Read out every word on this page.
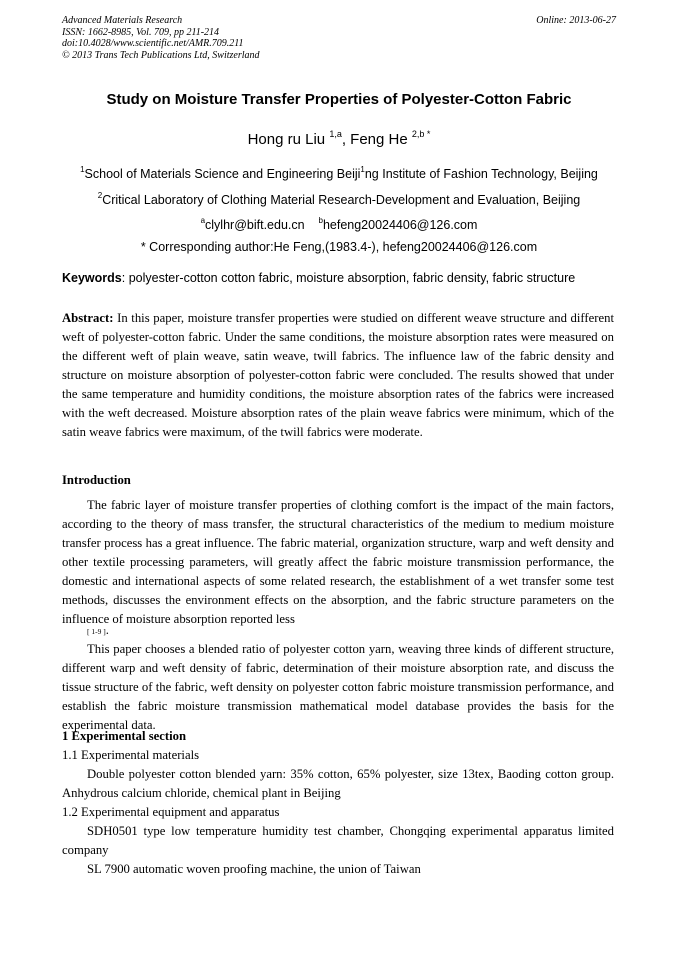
Advanced Materials Research
ISSN: 1662-8985, Vol. 709, pp 211-214
doi:10.4028/www.scientific.net/AMR.709.211
© 2013 Trans Tech Publications Ltd, Switzerland
Online: 2013-06-27
Study on Moisture Transfer Properties of Polyester-Cotton Fabric
Hong ru Liu $^{1,a}$, Feng He $^{2,b *}$
$^1$School of Materials Science and Engineering Beiji$^1$ng Institute of Fashion Technology, Beijing
$^2$Critical Laboratory of Clothing Material Research-Development and Evaluation, Beijing
$^a$clylhr@bift.edu.cn $^b$hefeng20024406@126.com
* Corresponding author:He Feng,(1983.4-), hefeng20024406@126.com
Keywords: polyester-cotton cotton fabric, moisture absorption, fabric density, fabric structure

Abstract: In this paper, moisture transfer properties were studied on different weave structure and different weft of polyester-cotton fabric. Under the same conditions, the moisture absorption rates were measured on the different weft of plain weave, satin weave, twill fabrics. The influence law of the fabric density and structure on moisture absorption of polyester-cotton fabric were concluded. The results showed that under the same temperature and humidity conditions, the moisture absorption rates of the fabrics were increased with the weft decreased. Moisture absorption rates of the plain weave fabrics were minimum, which of the satin weave fabrics were maximum, of the twill fabrics were moderate.

Introduction

The fabric layer of moisture transfer properties of clothing comfort is the impact of the main factors, according to the theory of mass transfer, the structural characteristics of the medium to medium moisture transfer process has a great influence. The fabric material, organization structure, warp and weft density and other textile processing parameters, will greatly affect the fabric moisture transmission performance, the domestic and international aspects of some related research, the establishment of a wet transfer some test methods, discusses the environment effects on the absorption, and the fabric structure parameters on the influence of moisture absorption reported less
[ 1-9 ].

This paper chooses a blended ratio of polyester cotton yarn, weaving three kinds of different structure, different warp and weft density of fabric, determination of their moisture absorption rate, and discuss the tissue structure of the fabric, weft density on polyester cotton fabric moisture transmission performance, and establish the fabric moisture transmission mathematical model database provides the basis for the experimental data.

1 Experimental section

1.1 Experimental materials

Double polyester cotton blended yarn: 35% cotton, 65% polyester, size 13tex, Baoding cotton group. Anhydrous calcium chloride, chemical plant in Beijing

1.2 Experimental equipment and apparatus

SDH0501 type low temperature humidity test chamber, Chongqing experimental apparatus limited company

SL 7900 automatic woven proofing machine, the union of Taiwan
